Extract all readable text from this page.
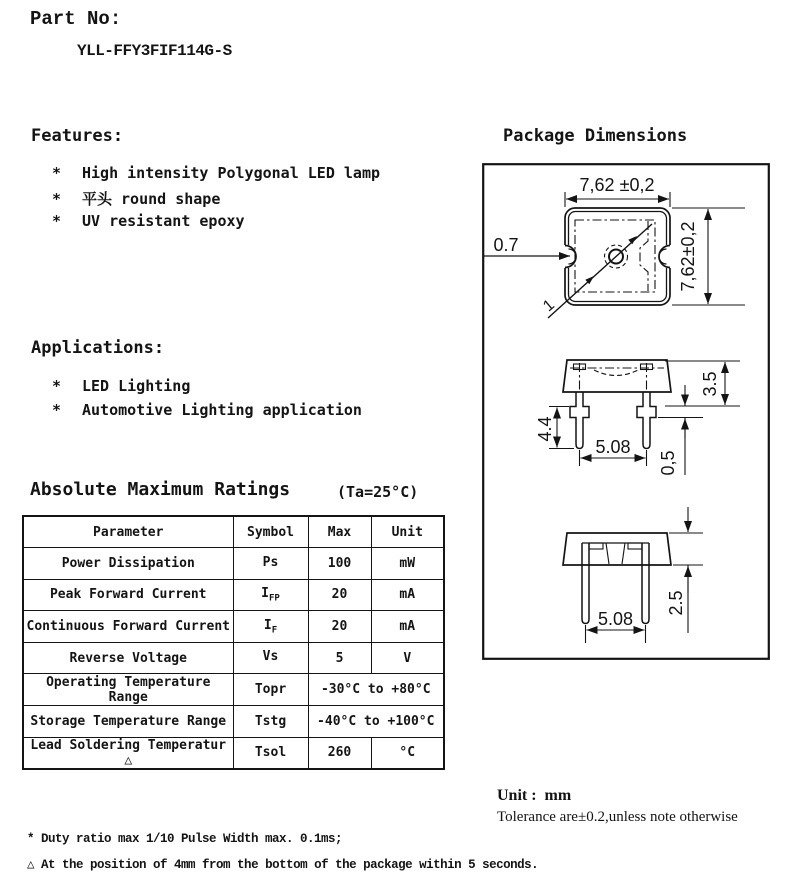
Part No:
YLL-FFY3FIF114G-S
Features:
* High intensity Polygonal LED lamp
* 平头 round shape
* UV resistant epoxy
Applications:
* LED Lighting
* Automotive Lighting application
Absolute Maximum Ratings	(Ta=25°C)
Parameter	Symbol	Max	Unit
Power Dissipation	Ps	100	mW
Peak Forward Current	$I_{FP}$	20	mA
Continuous Forward Current	$I_F$	20	mA
Reverse Voltage	Vs	5	V
Operating Temperature Range	Topr	-30°C to +80°C	
Storage Temperature Range	Tstg	-40°C to +100°C	
Lead Soldering Temperatur △	Tsol	260	°C
Package Dimensions
7,62 ±0,2
7,62±0,2
0.7
1
4.4
5.08
3.5
0,5
2.5
5.08
Unit :  mm
Tolerance are±0.2,unless note otherwise
* Duty ratio max 1/10 Pulse Width max. 0.1ms;
△ At the position of 4mm from the bottom of the package within 5 seconds.
